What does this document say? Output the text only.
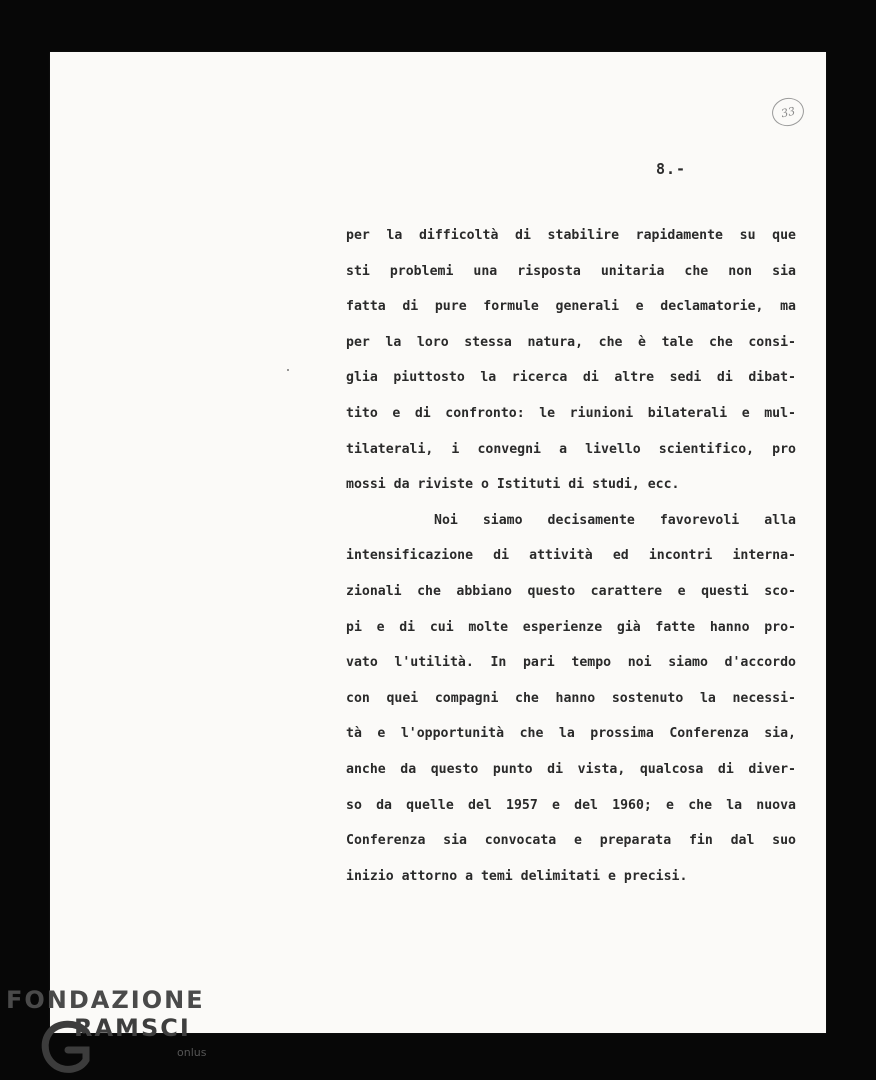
33
8.-
per la difficoltà di stabilire rapidamente su que
sti problemi una risposta unitaria che non sia
fatta di pure formule generali e declamatorie, ma
per la loro stessa natura, che è tale che consi-
glia piuttosto la ricerca di altre sedi di dibat-
tito e di confronto: le riunioni bilaterali e mul-
tilaterali, i convegni a livello scientifico, pro
mossi da riviste o Istituti di studi, ecc.
Noi siamo decisamente favorevoli alla
intensificazione di attività ed incontri interna-
zionali che abbiano questo carattere e questi sco-
pi e di cui molte esperienze già fatte hanno pro-
vato l'utilità. In pari tempo noi siamo d'accordo
con quei compagni che hanno sostenuto la necessi-
tà e l'opportunità che la prossima Conferenza sia,
anche da questo punto di vista, qualcosa di diver-
so da quelle del 1957 e del 1960; e che la nuova
Conferenza sia convocata e preparata fin dal suo
inizio attorno a temi delimitati e precisi.
FONDAZIONE
RAMSCI
onlus
